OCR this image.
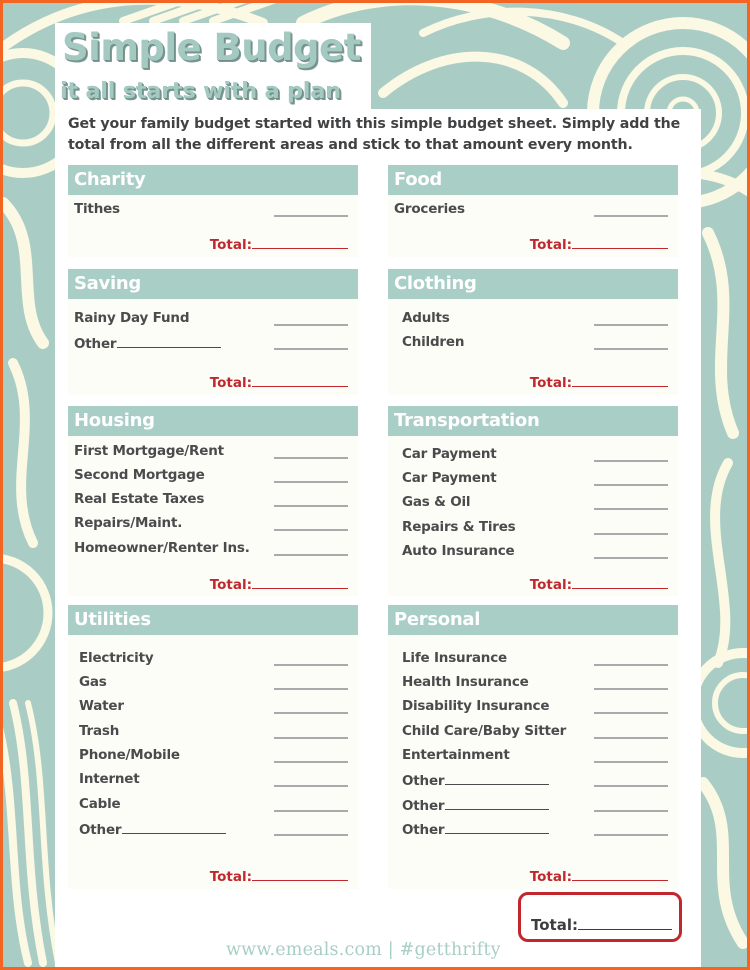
Simple Budget
it all starts with a plan
Get your family budget started with this simple budget sheet. Simply add the total from all the different areas and stick to that amount every month.
Charity
Tithes
Total:
Food
Groceries
Total:
Saving
Rainy Day Fund
Other
Total:
Clothing
Adults
Children
Total:
Housing
First Mortgage/Rent
Second Mortgage
Real Estate Taxes
Repairs/Maint.
Homeowner/Renter Ins.
Total:
Transportation
Car Payment
Car Payment
Gas & Oil
Repairs & Tires
Auto Insurance
Total:
Utilities
Electricity
Gas
Water
Trash
Phone/Mobile
Internet
Cable
Other
Total:
Personal
Life Insurance
Health Insurance
Disability Insurance
Child Care/Baby Sitter
Entertainment
Other
Other
Other
Total:
Total:
www.emeals.com | #getthrifty
